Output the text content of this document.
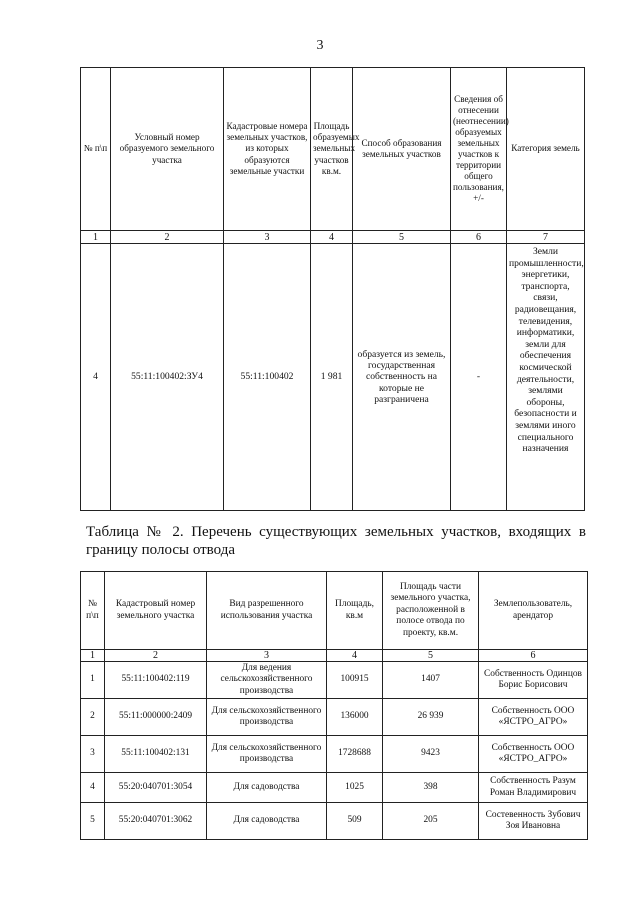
3
№ п\п	Условный номер образуемого земельного участка	Кадастровые номера земельных участков, из которых образуются земельные участки	Площадь образуемых земельных участков кв.м.	Способ образования земельных участков	Сведения об отнесении (неотнесении) образуемых земельных участков к территории общего пользования, +/-	Категория земель
1	2	3	4	5	6	7
4	55:11:100402:ЗУ4	55:11:100402	1 981	образуется из земель, государственная собственность на которые не разграничена	-	Земли промышленности, энергетики, транспорта, связи, радиовещания, телевидения, информатики, земли для обеспечения космической деятельности, землями обороны, безопасности и землями иного специального назначения
Таблица № 2. Перечень существующих земельных участков, входящих в границу полосы отвода
№ п\п	Кадастровый номер земельного участка	Вид разрешенного использования участка	Площадь, кв.м	Площадь части земельного участка, расположенной в полосе отвода по проекту, кв.м.	Землепользователь, арендатор
1	2	3	4	5	6
1	55:11:100402:119	Для ведения сельскохозяйственного производства	100915	1407	Собственность Одинцов Борис Борисович
2	55:11:000000:2409	Для сельскохозяйственного производства	136000	26 939	Собственность ООО «ЯСТРО_АГРО»
3	55:11:100402:131	Для сельскохозяйственного производства	1728688	9423	Собственность ООО «ЯСТРО_АГРО»
4	55:20:040701:3054	Для садоводства	1025	398	Собственность Разум Роман Владимирович
5	55:20:040701:3062	Для садоводства	509	205	Состевенность Зубович Зоя Ивановна
